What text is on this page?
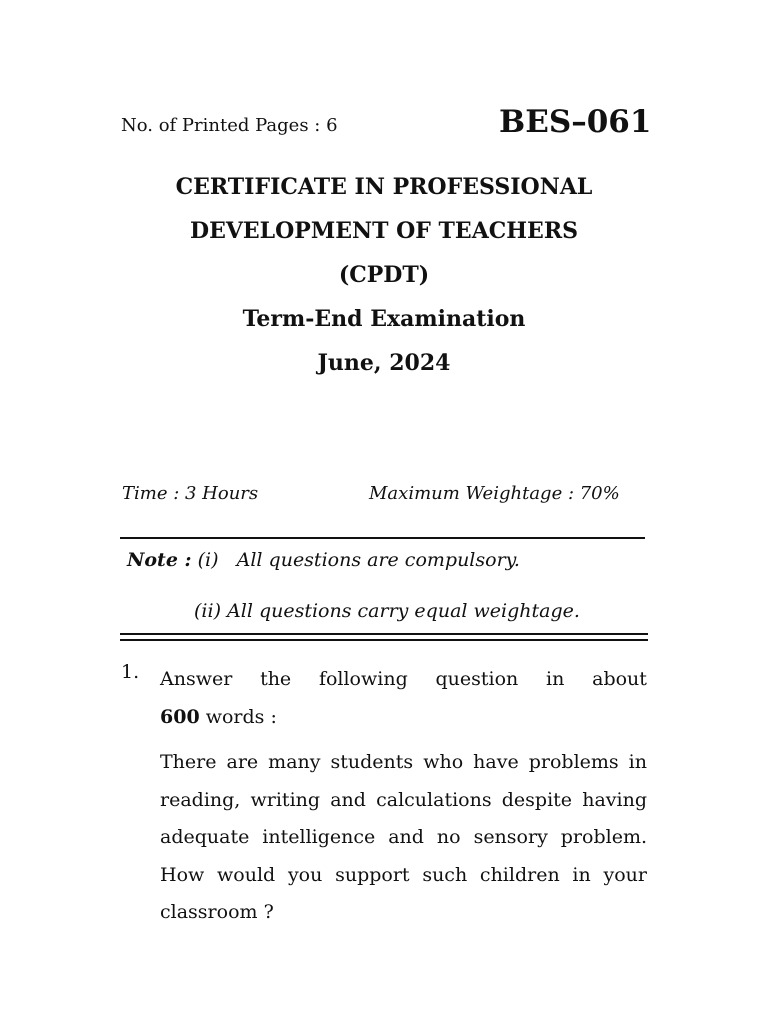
No. of Printed Pages : 6	BES–061
CERTIFICATE IN PROFESSIONAL
DEVELOPMENT OF TEACHERS
(CPDT)
Term-End Examination
June, 2024
Time : 3 Hours	Maximum Weightage : 70%
Note : (i) All questions are compulsory.
(ii) All questions carry equal weightage.
1. Answer the following question in about

600 words :

There are many students who have problems in reading, writing and calculations despite having adequate intelligence and no sensory problem. How would you support such children in your classroom ?
